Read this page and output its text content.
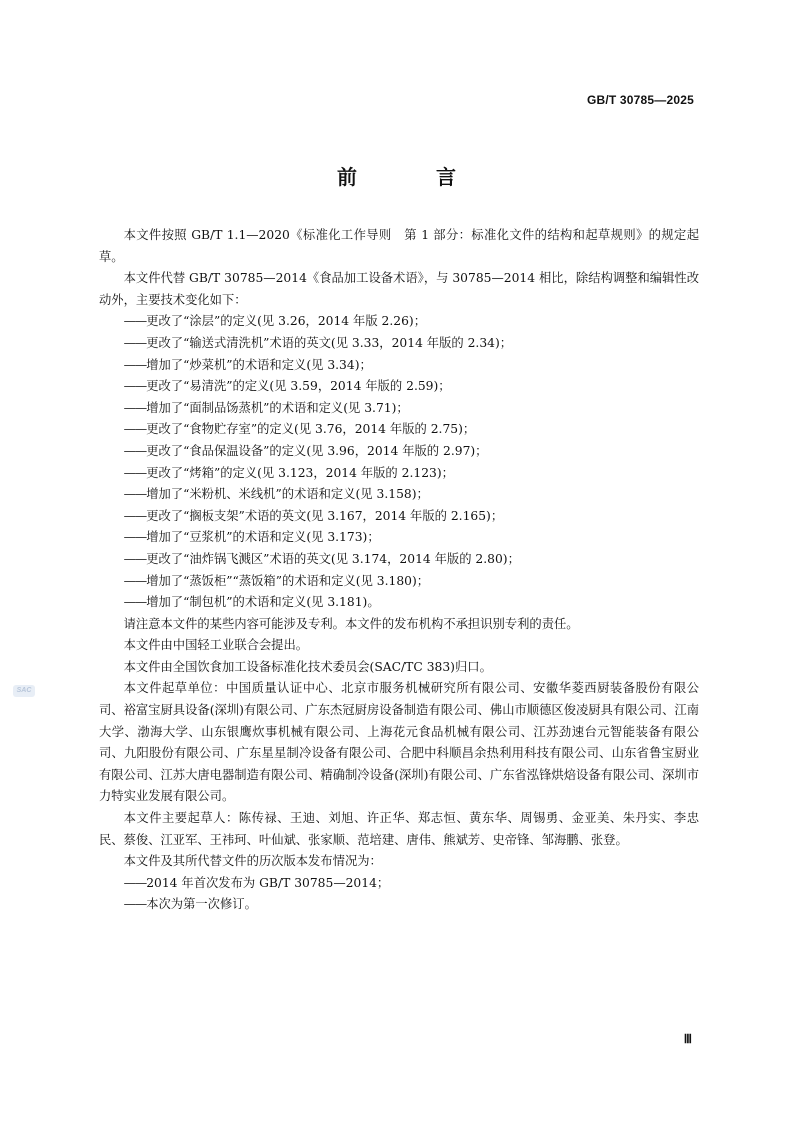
GB/T 30785—2025
前 言
SAC

本文件按照 GB/T 1.1—2020《标准化工作导则　第 1 部分：标准化文件的结构和起草规则》的规定起草。

本文件代替 GB/T 30785—2014《食品加工设备术语》，与 30785—2014 相比，除结构调整和编辑性改动外，主要技术变化如下：

——更改了“涂层”的定义(见 3.26，2014 年版 2.26)；

——更改了“输送式清洗机”术语的英文(见 3.33，2014 年版的 2.34)；

——增加了“炒菜机”的术语和定义(见 3.34)；

——更改了“易清洗”的定义(见 3.59，2014 年版的 2.59)；

——增加了“面制品饧蒸机”的术语和定义(见 3.71)；

——更改了“食物贮存室”的定义(见 3.76，2014 年版的 2.75)；

——更改了“食品保温设备”的定义(见 3.96，2014 年版的 2.97)；

——更改了“烤箱”的定义(见 3.123，2014 年版的 2.123)；

——增加了“米粉机、米线机”的术语和定义(见 3.158)；

——更改了“搁板支架”术语的英文(见 3.167，2014 年版的 2.165)；

——增加了“豆浆机”的术语和定义(见 3.173)；

——更改了“油炸锅飞溅区”术语的英文(见 3.174，2014 年版的 2.80)；

——增加了“蒸饭柜”“蒸饭箱”的术语和定义(见 3.180)；

——增加了“制包机”的术语和定义(见 3.181)。

请注意本文件的某些内容可能涉及专利。本文件的发布机构不承担识别专利的责任。

本文件由中国轻工业联合会提出。

本文件由全国饮食加工设备标准化技术委员会(SAC/TC 383)归口。

本文件起草单位：中国质量认证中心、北京市服务机械研究所有限公司、安徽华菱西厨装备股份有限公司、裕富宝厨具设备(深圳)有限公司、广东杰冠厨房设备制造有限公司、佛山市顺德区俊凌厨具有限公司、江南大学、渤海大学、山东银鹰炊事机械有限公司、上海花元食品机械有限公司、江苏劲速台元智能装备有限公司、九阳股份有限公司、广东星星制冷设备有限公司、合肥中科顺昌余热利用科技有限公司、山东省鲁宝厨业有限公司、江苏大唐电器制造有限公司、精确制冷设备(深圳)有限公司、广东省泓锋烘焙设备有限公司、深圳市力特实业发展有限公司。

本文件主要起草人：陈传禄、王迪、刘旭、许正华、郑志恒、黄东华、周锡勇、金亚美、朱丹实、李忠民、蔡俊、江亚军、王祎珂、叶仙斌、张家顺、范培建、唐伟、熊斌芳、史帝锋、邹海鹏、张登。

本文件及其所代替文件的历次版本发布情况为：

——2014 年首次发布为 GB/T 30785—2014；

——本次为第一次修订。

Ⅲ
